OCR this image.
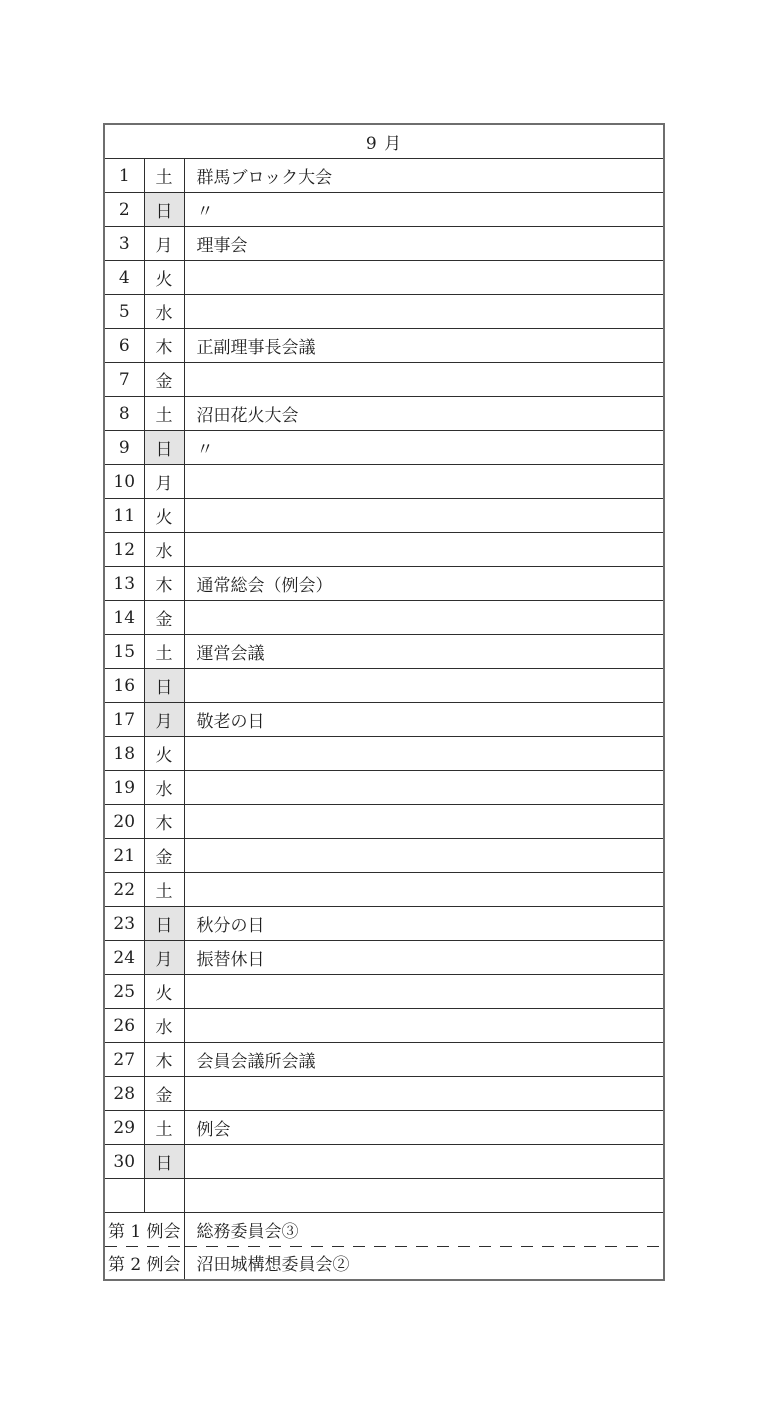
9 月		
1	土	群馬ブロック大会
2	日	〃
3	月	理事会
4	火	
5	水	
6	木	正副理事長会議
7	金	
8	土	沼田花火大会
9	日	〃
10	月	
11	火	
12	水	
13	木	通常総会（例会）
14	金	
15	土	運営会議
16	日	
17	月	敬老の日
18	火	
19	水	
20	木	
21	金	
22	土	
23	日	秋分の日
24	月	振替休日
25	火	
26	水	
27	木	会員会議所会議
28	金	
29	土	例会
30	日	

第 1 例会		総務委員会③
第 2 例会		沼田城構想委員会②
